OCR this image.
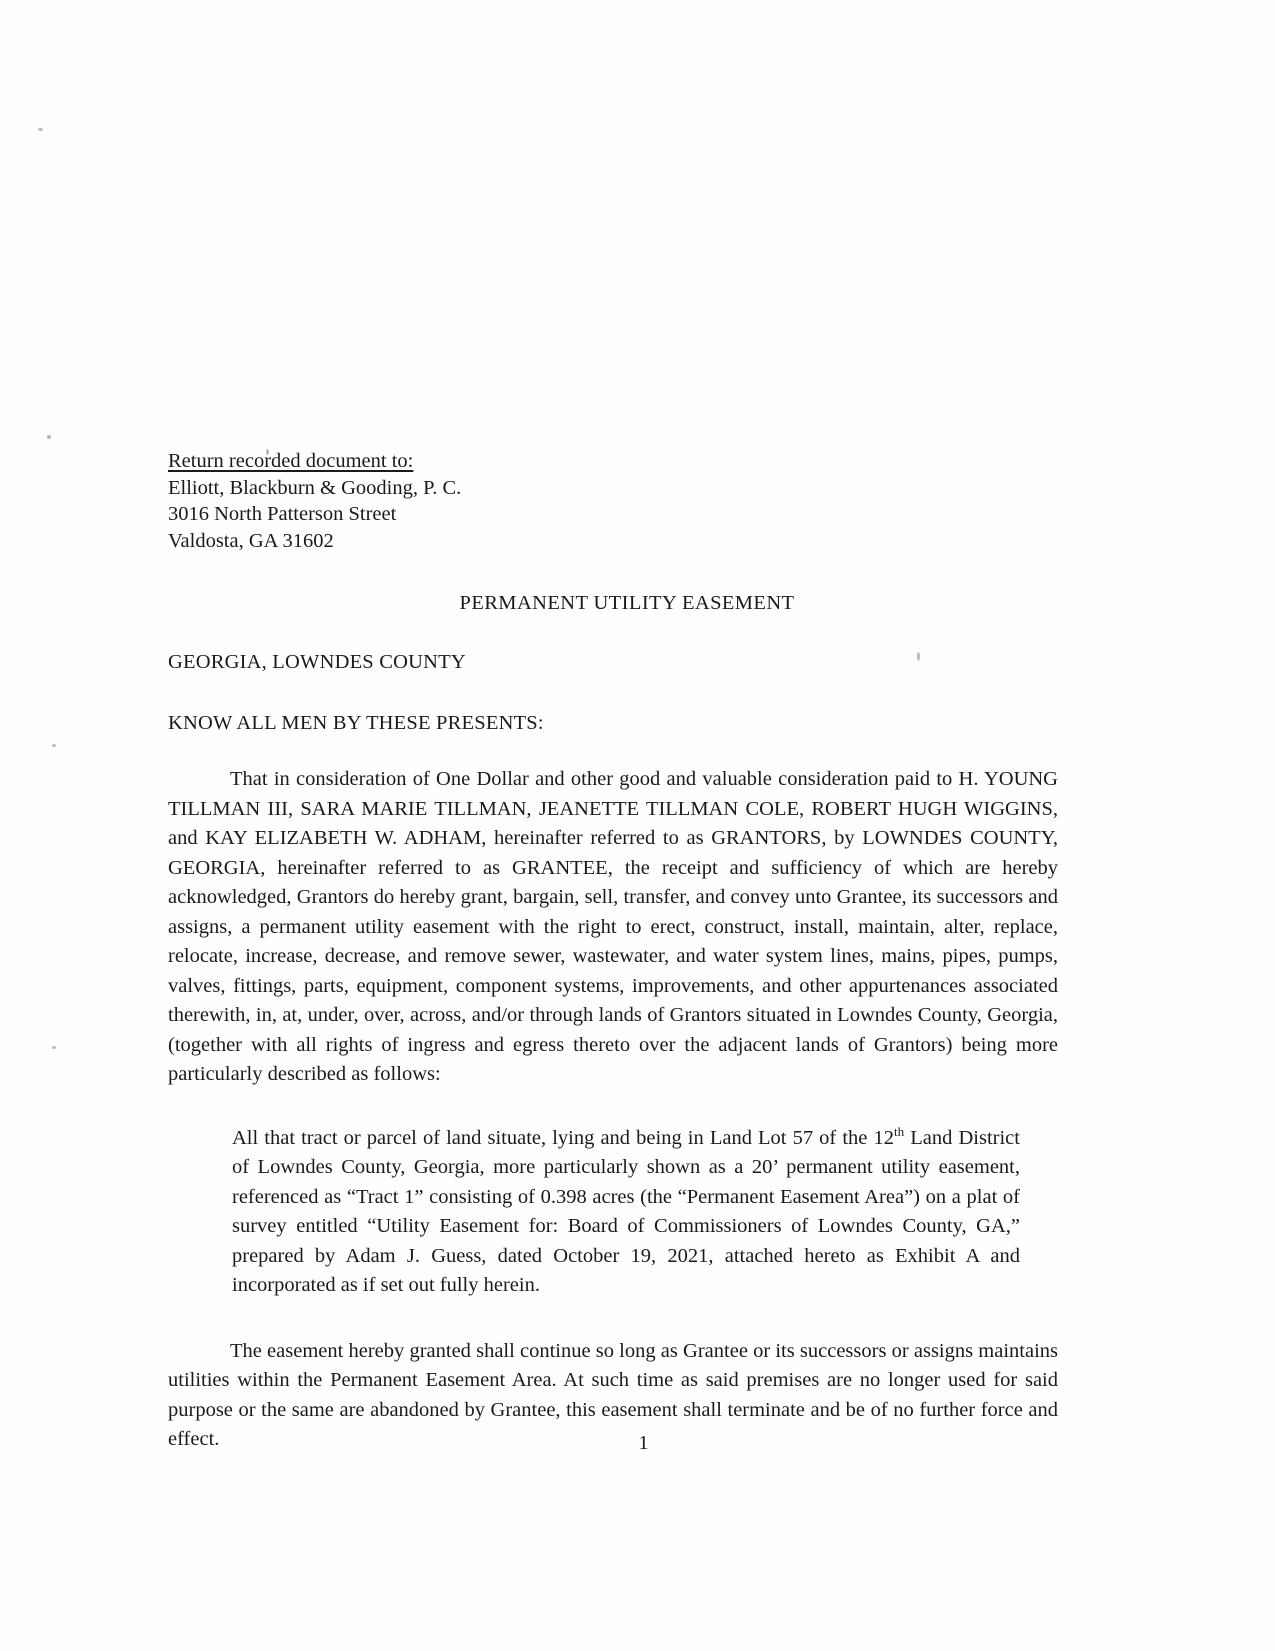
Return recorded document to:
Elliott, Blackburn & Gooding, P. C.
3016 North Patterson Street
Valdosta, GA 31602
PERMANENT UTILITY EASEMENT
GEORGIA, LOWNDES COUNTY
KNOW ALL MEN BY THESE PRESENTS:

That in consideration of One Dollar and other good and valuable consideration paid to H. YOUNG TILLMAN III, SARA MARIE TILLMAN, JEANETTE TILLMAN COLE, ROBERT HUGH WIGGINS, and KAY ELIZABETH W. ADHAM, hereinafter referred to as GRANTORS, by LOWNDES COUNTY, GEORGIA, hereinafter referred to as GRANTEE, the receipt and sufficiency of which are hereby acknowledged, Grantors do hereby grant, bargain, sell, transfer, and convey unto Grantee, its successors and assigns, a permanent utility easement with the right to erect, construct, install, maintain, alter, replace, relocate, increase, decrease, and remove sewer, wastewater, and water system lines, mains, pipes, pumps, valves, fittings, parts, equipment, component systems, improvements, and other appurtenances associated therewith, in, at, under, over, across, and/or through lands of Grantors situated in Lowndes County, Georgia, (together with all rights of ingress and egress thereto over the adjacent lands of Grantors) being more particularly described as follows:

All that tract or parcel of land situate, lying and being in Land Lot 57 of the 12th Land District of Lowndes County, Georgia, more particularly shown as a 20’ permanent utility easement, referenced as “Tract 1” consisting of 0.398 acres (the “Permanent Easement Area”) on a plat of survey entitled “Utility Easement for: Board of Commissioners of Lowndes County, GA,” prepared by Adam J. Guess, dated October 19, 2021, attached hereto as Exhibit A and incorporated as if set out fully herein.

The easement hereby granted shall continue so long as Grantee or its successors or assigns maintains utilities within the Permanent Easement Area. At such time as said premises are no longer used for said purpose or the same are abandoned by Grantee, this easement shall terminate and be of no further force and effect.	1
